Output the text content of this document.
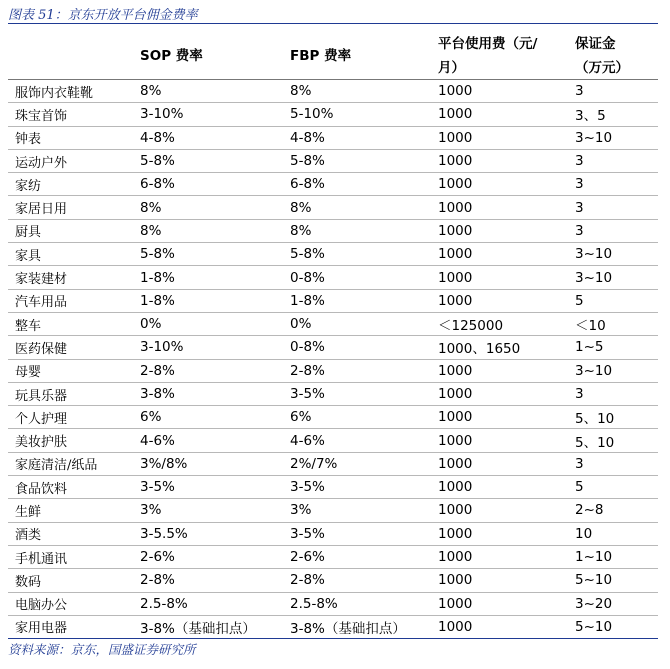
图表 51：京东开放平台佣金费率
	SOP 费率	FBP 费率	平台使用费（元/
月）	保证金
（万元）

服饰内衣鞋靴	8%	8%	1000	3
珠宝首饰	3-10%	5-10%	1000	3、5
钟表	4-8%	4-8%	1000	3~10
运动户外	5-8%	5-8%	1000	3
家纺	6-8%	6-8%	1000	3
家居日用	8%	8%	1000	3
厨具	8%	8%	1000	3
家具	5-8%	5-8%	1000	3~10
家装建材	1-8%	0-8%	1000	3~10
汽车用品	1-8%	1-8%	1000	5
整车	0%	0%	＜125000	＜10
医药保健	3-10%	0-8%	1000、1650	1~5
母婴	2-8%	2-8%	1000	3~10
玩具乐器	3-8%	3-5%	1000	3
个人护理	6%	6%	1000	5、10
美妆护肤	4-6%	4-6%	1000	5、10
家庭清洁/纸品	3%/8%	2%/7%	1000	3
食品饮料	3-5%	3-5%	1000	5
生鲜	3%	3%	1000	2~8
酒类	3-5.5%	3-5%	1000	10
手机通讯	2-6%	2-6%	1000	1~10
数码	2-8%	2-8%	1000	5~10
电脑办公	2.5-8%	2.5-8%	1000	3~20
家用电器	3-8%（基础扣点）	3-8%（基础扣点）	1000	5~10
资料来源：京东，国盛证券研究所
